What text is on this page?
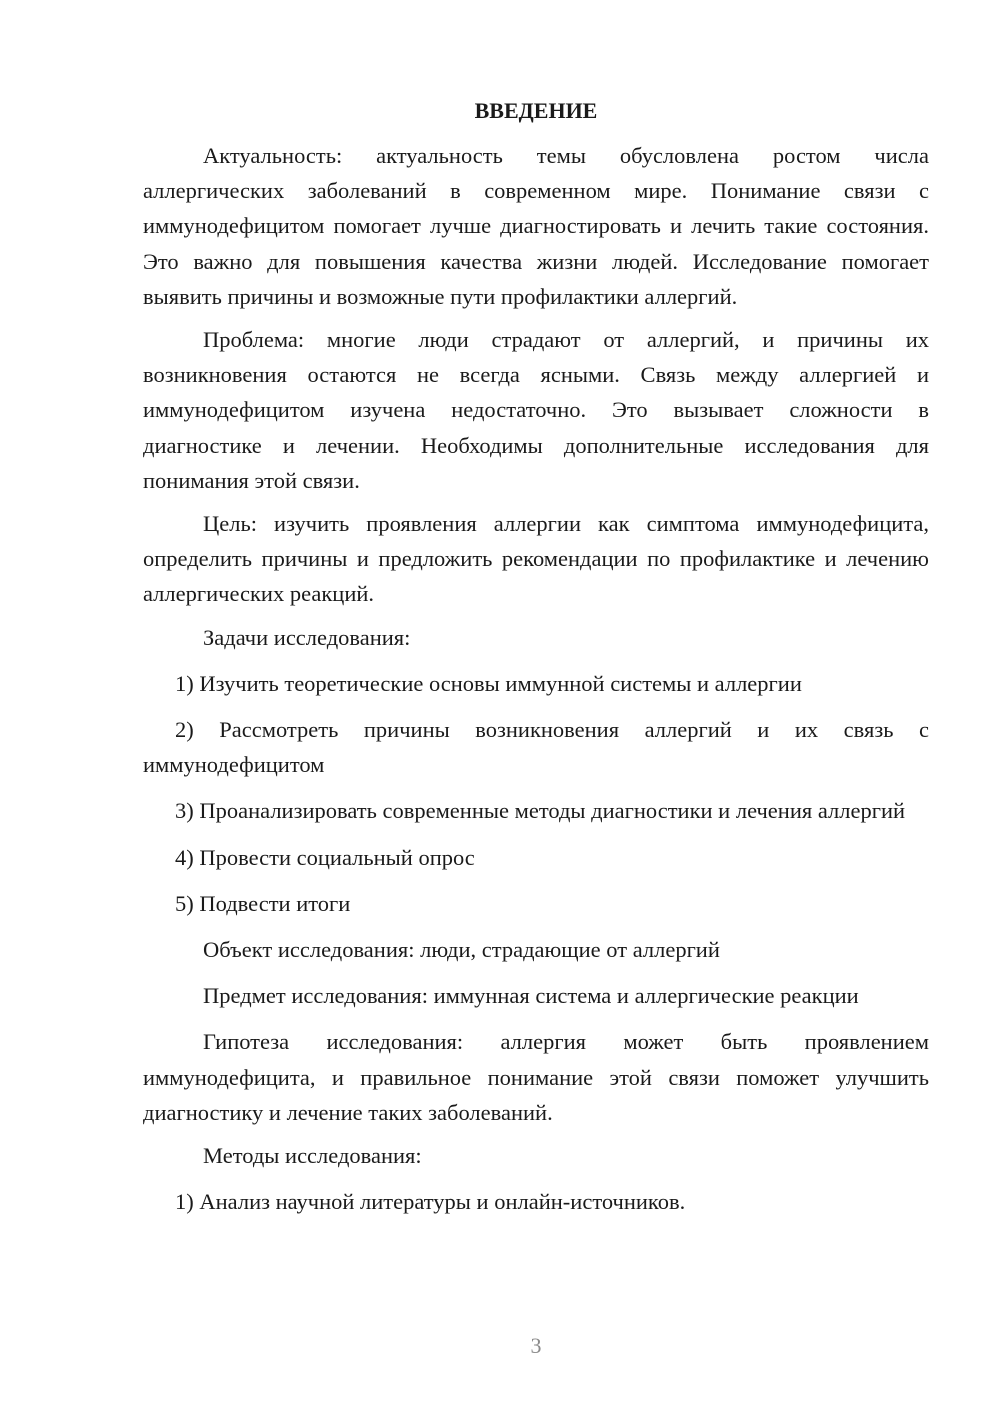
ВВЕДЕНИЕ

Актуальность: актуальность темы обусловлена ростом числа аллергических заболеваний в современном мире. Понимание связи с иммунодефицитом помогает лучше диагностировать и лечить такие состояния. Это важно для повышения качества жизни людей. Исследование помогает выявить причины и возможные пути профилактики аллергий.

Проблема: многие люди страдают от аллергий, и причины их возникновения остаются не всегда ясными. Связь между аллергией и иммунодефицитом изучена недостаточно. Это вызывает сложности в диагностике и лечении. Необходимы дополнительные исследования для понимания этой связи.

Цель: изучить проявления аллергии как симптома иммунодефицита, определить причины и предложить рекомендации по профилактике и лечению аллергических реакций.

Задачи исследования:

1) Изучить теоретические основы иммунной системы и аллергии

2) Рассмотреть причины возникновения аллергий и их связь с иммунодефицитом

3) Проанализировать современные методы диагностики и лечения аллергий

4) Провести социальный опрос

5) Подвести итоги

Объект исследования: люди, страдающие от аллергий

Предмет исследования: иммунная система и аллергические реакции

Гипотеза исследования: аллергия может быть проявлением иммунодефицита, и правильное понимание этой связи поможет улучшить диагностику и лечение таких заболеваний.

Методы исследования:

1) Анализ научной литературы и онлайн-источников.

3
